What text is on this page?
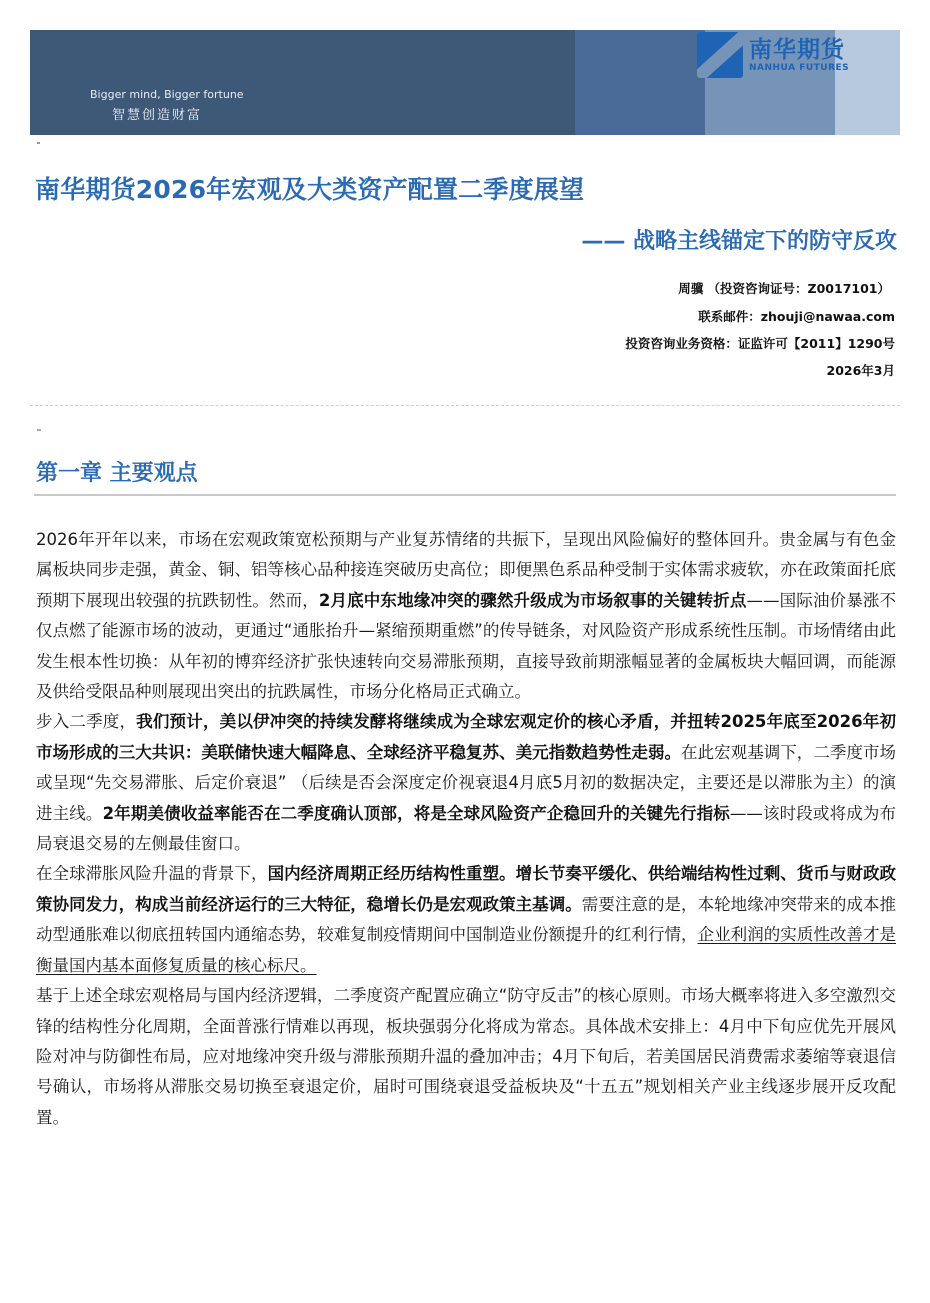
Bigger mind, Bigger fortune
智慧创造财富
南华期货
NANHUA FUTURES
南华期货2026年宏观及大类资产配置二季度展望
—— 战略主线锚定下的防守反攻
周骥 （投资咨询证号：Z0017101）
联系邮件：zhouji@nawaa.com
投资咨询业务资格：证监许可【2011】1290号
2026年3月
第一章 主要观点

2026年开年以来，市场在宏观政策宽松预期与产业复苏情绪的共振下，呈现出风险偏好的整体回升。贵金属与有色金属板块同步走强，黄金、铜、铝等核心品种接连突破历史高位；即便黑色系品种受制于实体需求疲软，亦在政策面托底预期下展现出较强的抗跌韧性。然而，2月底中东地缘冲突的骤然升级成为市场叙事的关键转折点——国际油价暴涨不仅点燃了能源市场的波动，更通过“通胀抬升—紧缩预期重燃”的传导链条，对风险资产形成系统性压制。市场情绪由此发生根本性切换：从年初的博弈经济扩张快速转向交易滞胀预期，直接导致前期涨幅显著的金属板块大幅回调，而能源及供给受限品种则展现出突出的抗跌属性，市场分化格局正式确立。

步入二季度，我们预计，美以伊冲突的持续发酵将继续成为全球宏观定价的核心矛盾，并扭转2025年底至2026年初市场形成的三大共识：美联储快速大幅降息、全球经济平稳复苏、美元指数趋势性走弱。在此宏观基调下，二季度市场或呈现“先交易滞胀、后定价衰退” （后续是否会深度定价视衰退4月底5月初的数据决定，主要还是以滞胀为主）的演进主线。2年期美债收益率能否在二季度确认顶部，将是全球风险资产企稳回升的关键先行指标——该时段或将成为布局衰退交易的左侧最佳窗口。

在全球滞胀风险升温的背景下，国内经济周期正经历结构性重塑。增长节奏平缓化、供给端结构性过剩、货币与财政政策协同发力，构成当前经济运行的三大特征，稳增长仍是宏观政策主基调。需要注意的是，本轮地缘冲突带来的成本推动型通胀难以彻底扭转国内通缩态势，较难复制疫情期间中国制造业份额提升的红利行情，企业利润的实质性改善才是衡量国内基本面修复质量的核心标尺。

基于上述全球宏观格局与国内经济逻辑，二季度资产配置应确立“防守反击”的核心原则。市场大概率将进入多空激烈交锋的结构性分化周期，全面普涨行情难以再现，板块强弱分化将成为常态。具体战术安排上：4月中下旬应优先开展风险对冲与防御性布局，应对地缘冲突升级与滞胀预期升温的叠加冲击；4月下旬后，若美国居民消费需求萎缩等衰退信号确认，市场将从滞胀交易切换至衰退定价，届时可围绕衰退受益板块及“十五五”规划相关产业主线逐步展开反攻配置。
